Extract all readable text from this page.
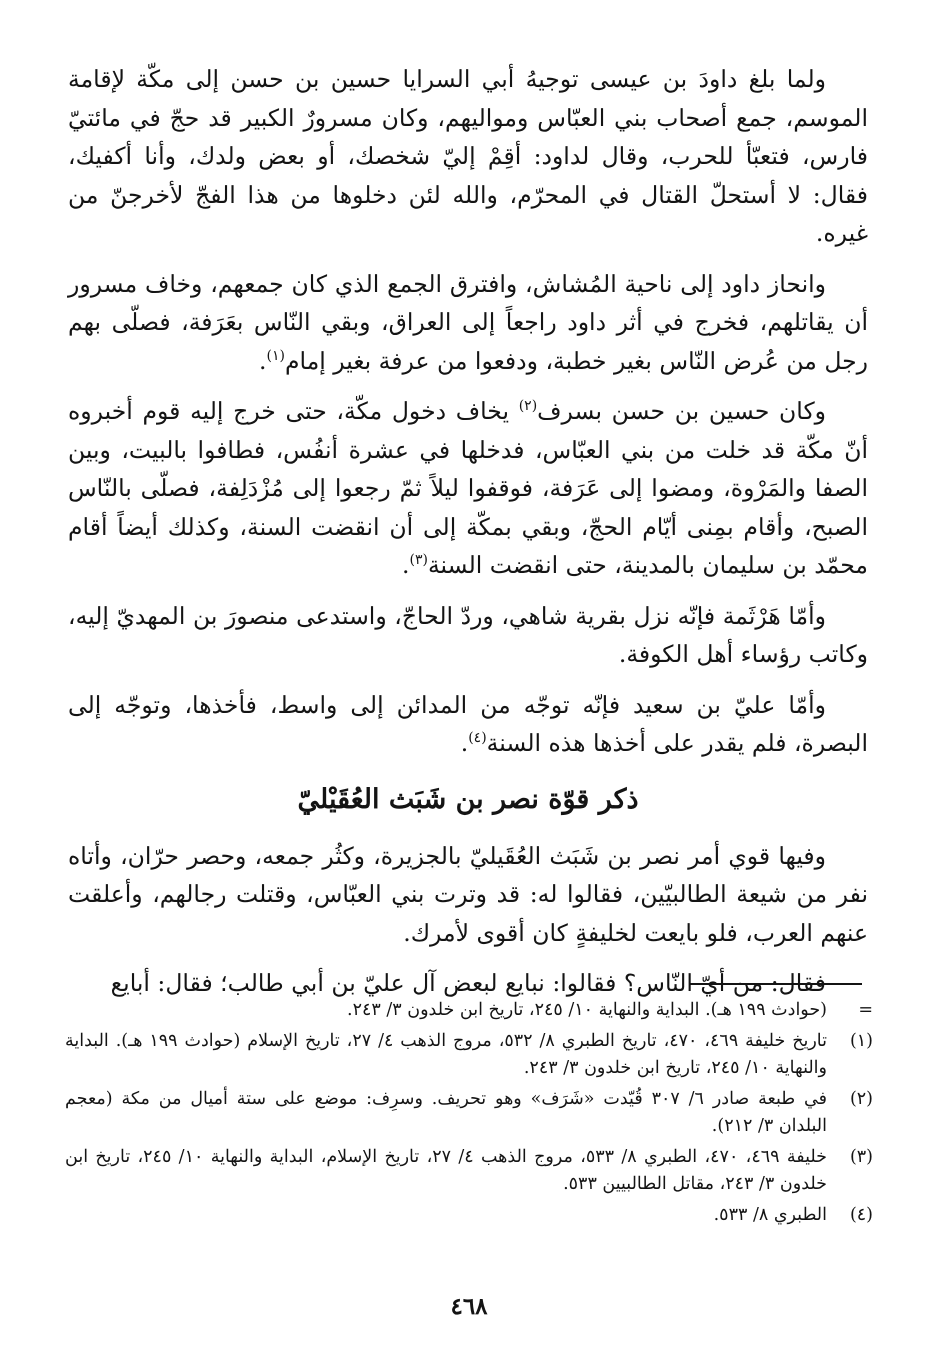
ولما بلغ داودَ بن عيسى توجيهُ أبي السرايا حسين بن حسن إلى مكّة لإقامة الموسم، جمع أصحاب بني العبّاس ومواليهم، وكان مسرورٌ الكبير قد حجّ في مائتيّ فارس، فتعبّأ للحرب، وقال لداود: أقِمْ إليّ شخصك، أو بعض ولدك، وأنا أكفيك، فقال: لا أستحلّ القتال في المحرّم، والله لئن دخلوها من هذا الفجّ لأخرجنّ من غيره.

وانحاز داود إلى ناحية المُشاش، وافترق الجمع الذي كان جمعهم، وخاف مسرور أن يقاتلهم، فخرج في أثر داود راجعاً إلى العراق، وبقي النّاس بعَرَفة، فصلّى بهم رجل من عُرض النّاس بغير خطبة، ودفعوا من عرفة بغير إمام$^{(١)}$.

وكان حسين بن حسن بسرف$^{(٢)}$ يخاف دخول مكّة، حتى خرج إليه قوم أخبروه أنّ مكّة قد خلت من بني العبّاس، فدخلها في عشرة أنفُس، فطافوا بالبيت، وبين الصفا والمَرْوة، ومضوا إلى عَرَفة، فوقفوا ليلاً ثمّ رجعوا إلى مُزْدَلِفة، فصلّى بالنّاس الصبح، وأقام بمِنى أيّام الحجّ، وبقي بمكّة إلى أن انقضت السنة، وكذلك أيضاً أقام محمّد بن سليمان بالمدينة، حتى انقضت السنة$^{(٣)}$.

وأمّا هَرْثَمة فإنّه نزل بقرية شاهي، وردّ الحاجّ، واستدعى منصورَ بن المهديّ إليه، وكاتب رؤساء أهل الكوفة.

وأمّا عليّ بن سعيد فإنّه توجّه من المدائن إلى واسط، فأخذها، وتوجّه إلى البصرة، فلم يقدر على أخذها هذه السنة$^{(٤)}$.

ذكر قوّة نصر بن شَبَث العُقَيْليّ

وفيها قوي أمر نصر بن شَبَث العُقَيليّ بالجزيرة، وكثُر جمعه، وحصر حرّان، وأتاه نفر من شيعة الطالبيّين، فقالوا له: قد وترت بني العبّاس، وقتلت رجالهم، وأعلقت عنهم العرب، فلو بايعت لخليفةٍ كان أقوى لأمرك.

فقال: من أيّ النّاس؟ فقالوا: نبايع لبعض آل عليّ بن أبي طالب؛ فقال: أبايع

=
(حوادث ١٩٩ هـ). البداية والنهاية ١٠/ ٢٤٥، تاريخ ابن خلدون ٣/ ٢٤٣.
(١)
تاريخ خليفة ٤٦٩، ٤٧٠، تاريخ الطبري ٨/ ٥٣٢، مروج الذهب ٤/ ٢٧، تاريخ الإسلام (حوادث ١٩٩ هـ). البداية والنهاية ١٠/ ٢٤٥، تاريخ ابن خلدون ٣/ ٢٤٣.
(٢)
في طبعة صادر ٦/ ٣٠٧ قُيّدت «شَرَف» وهو تحريف. وسرِف: موضع على ستة أميال من مكة (معجم البلدان ٣/ ٢١٢).
(٣)
خليفة ٤٦٩، ٤٧٠، الطبري ٨/ ٥٣٣، مروج الذهب ٤/ ٢٧، تاريخ الإسلام، البداية والنهاية ١٠/ ٢٤٥، تاريخ ابن خلدون ٣/ ٢٤٣، مقاتل الطالبيين ٥٣٣.
(٤)
الطبري ٨/ ٥٣٣.
٤٦٨
